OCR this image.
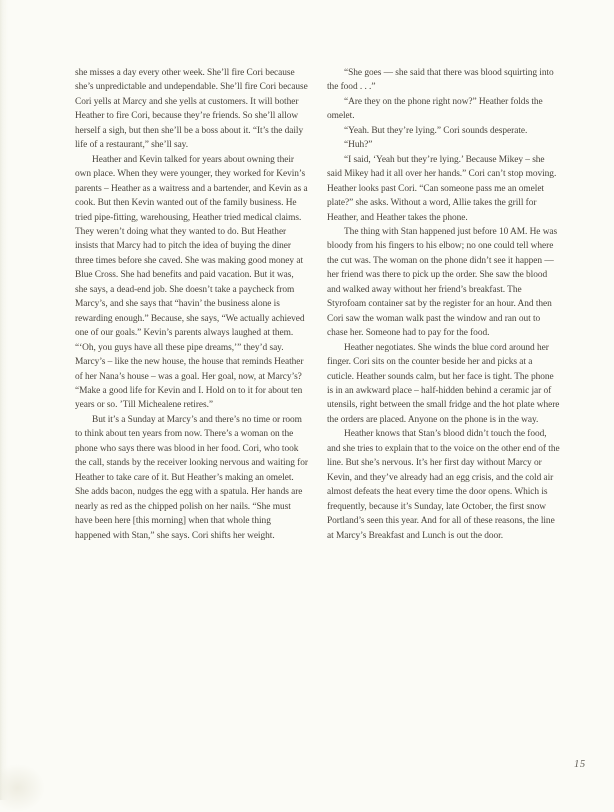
she misses a day every other week. She’ll fire Cori because she’s unpredictable and undependable. She’ll fire Cori because Cori yells at Marcy and she yells at customers. It will bother Heather to fire Cori, because they’re friends. So she’ll allow herself a sigh, but then she’ll be a boss about it. “It’s the daily life of a restaurant,” she’ll say.

Heather and Kevin talked for years about owning their own place. When they were younger, they worked for Kevin’s parents – Heather as a waitress and a bartender, and Kevin as a cook. But then Kevin wanted out of the family business. He tried pipe-fitting, warehousing, Heather tried medical claims. They weren’t doing what they wanted to do. But Heather insists that Marcy had to pitch the idea of buying the diner three times before she caved. She was making good money at Blue Cross. She had benefits and paid vacation. But it was, she says, a dead-end job. She doesn’t take a paycheck from Marcy’s, and she says that “havin’ the business alone is rewarding enough.” Because, she says, “We actually achieved one of our goals.” Kevin’s parents always laughed at them. “‘Oh, you guys have all these pipe dreams,’” they’d say. Marcy’s – like the new house, the house that reminds Heather of her Nana’s house – was a goal. Her goal, now, at Marcy’s? “Make a good life for Kevin and I. Hold on to it for about ten years or so. ’Till Michealene retires.”

But it’s a Sunday at Marcy’s and there’s no time or room to think about ten years from now. There’s a woman on the phone who says there was blood in her food. Cori, who took the call, stands by the receiver looking nervous and waiting for Heather to take care of it. But Heather’s making an omelet. She adds bacon, nudges the egg with a spatula. Her hands are nearly as red as the chipped polish on her nails. “She must have been here [this morning] when that whole thing happened with Stan,” she says. Cori shifts her weight.

“She goes — she said that there was blood squirting into the food . . .”

“Are they on the phone right now?” Heather folds the omelet.

“Yeah. But they’re lying.” Cori sounds desperate.

“Huh?”

“I said, ‘Yeah but they’re lying.’ Because Mikey – she said Mikey had it all over her hands.” Cori can’t stop moving. Heather looks past Cori. “Can someone pass me an omelet plate?” she asks. Without a word, Allie takes the grill for Heather, and Heather takes the phone.

The thing with Stan happened just before 10 AM. He was bloody from his fingers to his elbow; no one could tell where the cut was. The woman on the phone didn’t see it happen — her friend was there to pick up the order. She saw the blood and walked away without her friend’s breakfast. The Styrofoam container sat by the register for an hour. And then Cori saw the woman walk past the window and ran out to chase her. Someone had to pay for the food.

Heather negotiates. She winds the blue cord around her finger. Cori sits on the counter beside her and picks at a cuticle. Heather sounds calm, but her face is tight. The phone is in an awkward place – half-hidden behind a ceramic jar of utensils, right between the small fridge and the hot plate where the orders are placed. Anyone on the phone is in the way.

Heather knows that Stan’s blood didn’t touch the food, and she tries to explain that to the voice on the other end of the line. But she’s nervous. It’s her first day without Marcy or Kevin, and they’ve already had an egg crisis, and the cold air almost defeats the heat every time the door opens. Which is frequently, because it’s Sunday, late October, the first snow Portland’s seen this year. And for all of these reasons, the line at Marcy’s Breakfast and Lunch is out the door.

15
